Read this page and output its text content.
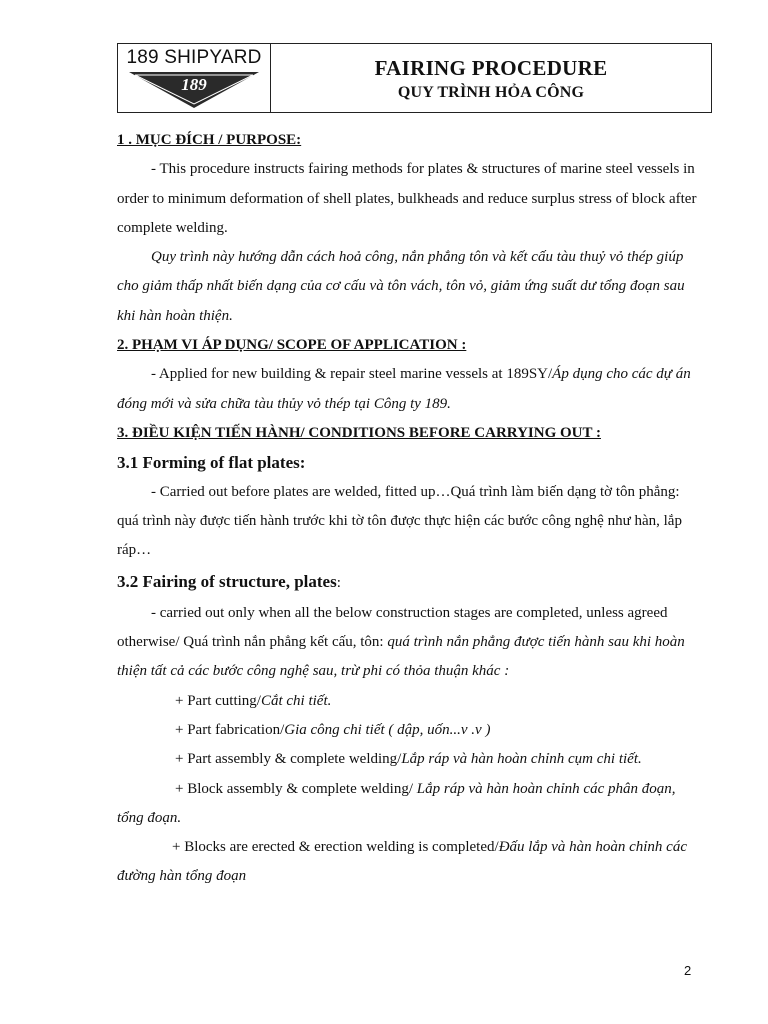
189 SHIPYARD
189
FAIRING PROCEDURE
QUY TRÌNH HỎA CÔNG

1 . MỤC ĐÍCH / PURPOSE:

- This procedure instructs fairing methods for plates & structures of marine steel vessels in order to minimum deformation of shell plates, bulkheads and reduce surplus stress of block after complete welding.

Quy trình này hướng dẫn cách hoả công, nắn phẳng tôn và kết cấu tàu thuỷ vỏ thép giúp cho giảm thấp nhất biến dạng của cơ cấu và tôn vách, tôn vỏ, giảm ứng suất dư tổng đoạn sau khi hàn hoàn thiện.

2. PHẠM VI ÁP DỤNG/ SCOPE OF APPLICATION :

- Applied for new building & repair steel marine vessels at 189SY/Áp dụng cho các dự án đóng mới và sửa chữa tàu thủy vỏ thép tại Công ty 189.

3. ĐIỀU KIỆN TIẾN HÀNH/ CONDITIONS BEFORE CARRYING OUT :

3.1 Forming of flat plates:

- Carried out before plates are welded, fitted up…Quá trình làm biến dạng tờ tôn phẳng: quá trình này được tiến hành trước khi tờ tôn được thực hiện các bước công nghệ như hàn, lắp ráp…

3.2 Fairing of structure, plates:

- carried out only when all the below construction stages are completed, unless agreed otherwise/ Quá trình nắn phẳng kết cấu, tôn: quá trình nắn phẳng được tiến hành sau khi hoàn thiện tất cả các bước công nghệ sau, trừ phi có thỏa thuận khác :

+ Part cutting/Cắt chi tiết.

+ Part fabrication/Gia công chi tiết ( dập, uốn...v .v )

+ Part assembly & complete welding/Lắp ráp và hàn hoàn chỉnh cụm chi tiết.

+ Block assembly & complete welding/ Lắp ráp và hàn hoàn chỉnh các phân đoạn, tổng đoạn.

+ Blocks are erected & erection welding is completed/Đấu lắp và hàn hoàn chỉnh các đường hàn tổng đoạn

2
